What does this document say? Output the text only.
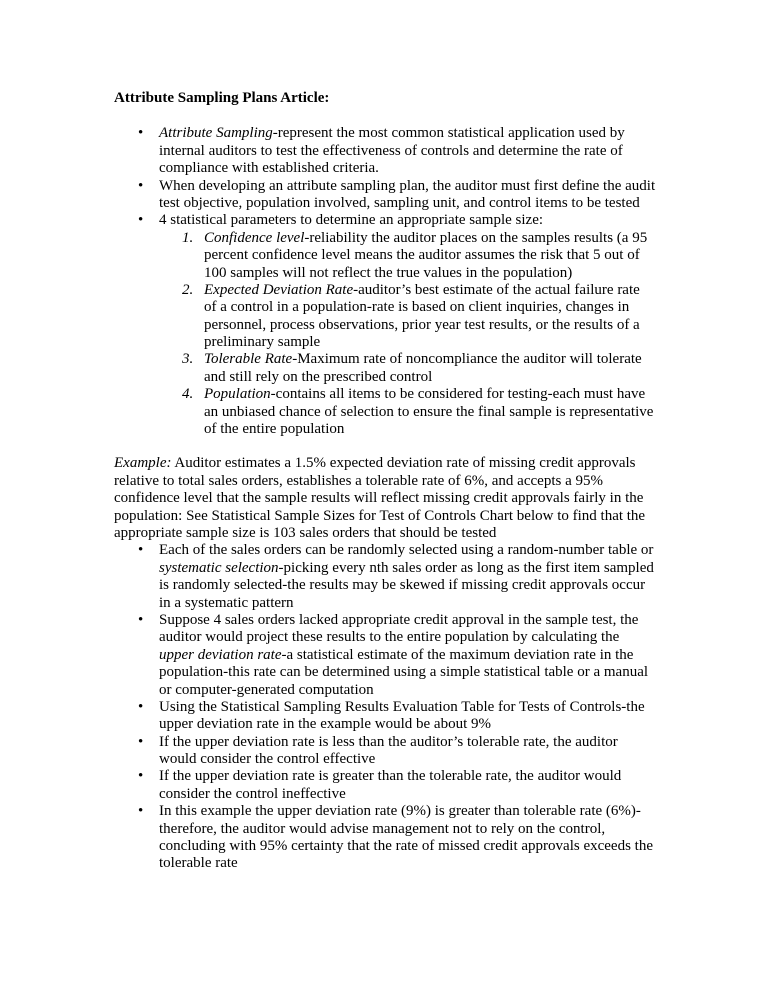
Attribute Sampling Plans Article:

• Attribute Sampling-represent the most common statistical application used by internal auditors to test the effectiveness of controls and determine the rate of compliance with established criteria.
• When developing an attribute sampling plan, the auditor must first define the audit test objective, population involved, sampling unit, and control items to be tested
• 4 statistical parameters to determine an appropriate sample size:
1. Confidence level-reliability the auditor places on the samples results (a 95 percent confidence level means the auditor assumes the risk that 5 out of 100 samples will not reflect the true values in the population)
2. Expected Deviation Rate-auditor’s best estimate of the actual failure rate of a control in a population-rate is based on client inquiries, changes in personnel, process observations, prior year test results, or the results of a preliminary sample
3. Tolerable Rate-Maximum rate of noncompliance the auditor will tolerate and still rely on the prescribed control
4. Population-contains all items to be considered for testing-each must have an unbiased chance of selection to ensure the final sample is representative of the entire population

Example: Auditor estimates a 1.5% expected deviation rate of missing credit approvals relative to total sales orders, establishes a tolerable rate of 6%, and accepts a 95% confidence level that the sample results will reflect missing credit approvals fairly in the population: See Statistical Sample Sizes for Test of Controls Chart below to find that the appropriate sample size is 103 sales orders that should be tested

• Each of the sales orders can be randomly selected using a random-number table or systematic selection-picking every nth sales order as long as the first item sampled is randomly selected-the results may be skewed if missing credit approvals occur in a systematic pattern
• Suppose 4 sales orders lacked appropriate credit approval in the sample test, the auditor would project these results to the entire population by calculating the upper deviation rate-a statistical estimate of the maximum deviation rate in the population-this rate can be determined using a simple statistical table or a manual or computer-generated computation
• Using the Statistical Sampling Results Evaluation Table for Tests of Controls-the upper deviation rate in the example would be about 9%
• If the upper deviation rate is less than the auditor’s tolerable rate, the auditor would consider the control effective
• If the upper deviation rate is greater than the tolerable rate, the auditor would consider the control ineffective
• In this example the upper deviation rate (9%) is greater than tolerable rate (6%)-therefore, the auditor would advise management not to rely on the control, concluding with 95% certainty that the rate of missed credit approvals exceeds the tolerable rate
